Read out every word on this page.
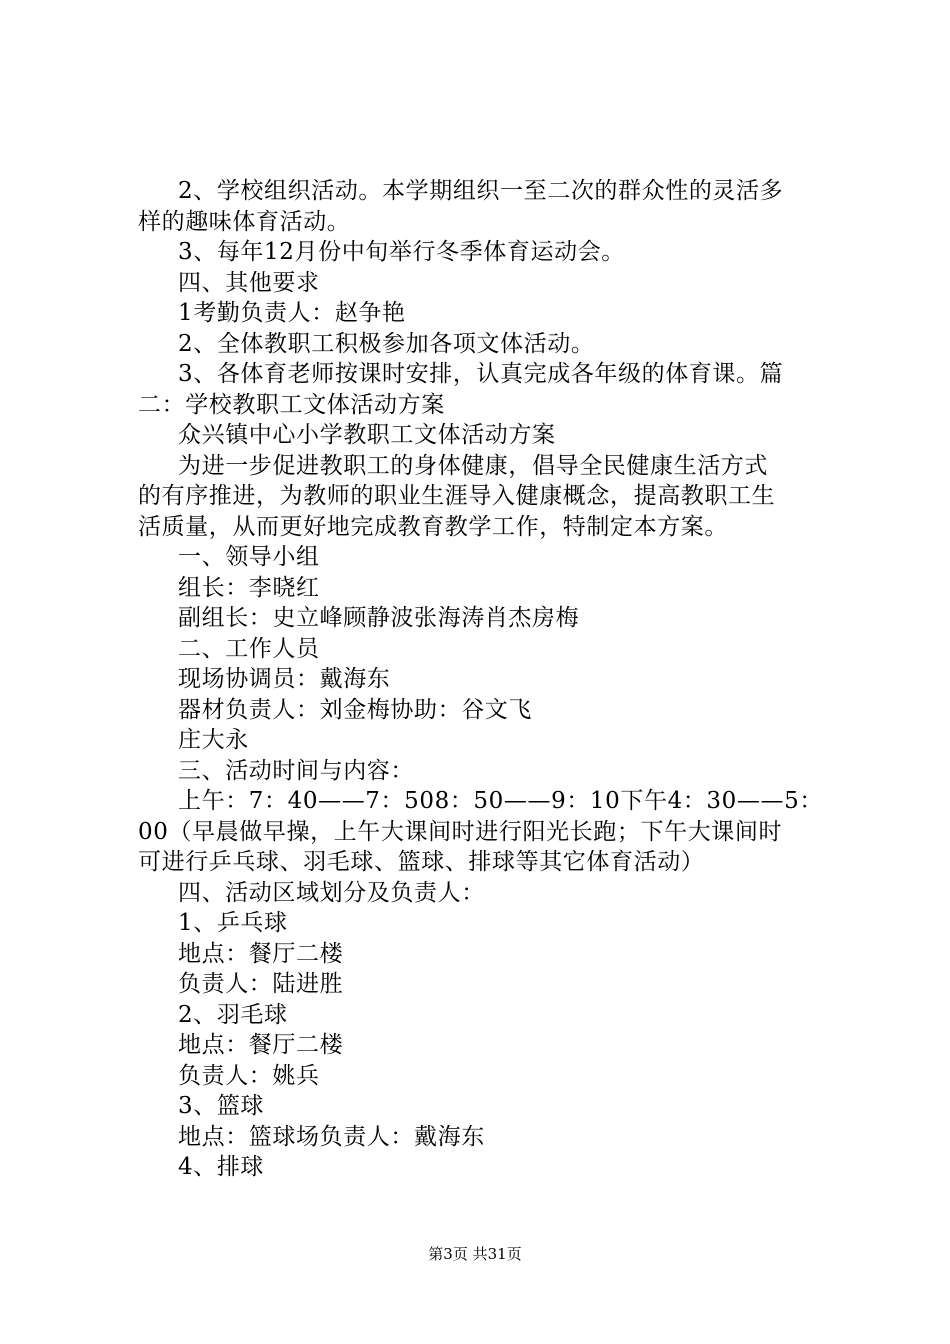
2、学校组织活动。本学期组织一至二次的群众性的灵活多
样的趣味体育活动。
3、每年12月份中旬举行冬季体育运动会。
四、其他要求
1考勤负责人：赵争艳
2、全体教职工积极参加各项文体活动。
3、各体育老师按课时安排，认真完成各年级的体育课。篇
二：学校教职工文体活动方案
众兴镇中心小学教职工文体活动方案
为进一步促进教职工的身体健康，倡导全民健康生活方式
的有序推进，为教师的职业生涯导入健康概念，提高教职工生
活质量，从而更好地完成教育教学工作，特制定本方案。
一、领导小组
组长：李晓红
副组长：史立峰顾静波张海涛肖杰房梅
二、工作人员
现场协调员：戴海东
器材负责人：刘金梅协助：谷文飞
庄大永
三、活动时间与内容：
上午：7：40——7：508：50——9：10下午4：30——5：
00（早晨做早操，上午大课间时进行阳光长跑；下午大课间时
可进行乒乓球、羽毛球、篮球、排球等其它体育活动）
四、活动区域划分及负责人：
1、乒乓球
地点：餐厅二楼
负责人：陆进胜
2、羽毛球
地点：餐厅二楼
负责人：姚兵
3、篮球
地点：篮球场负责人：戴海东
4、排球
第3页 共31页
